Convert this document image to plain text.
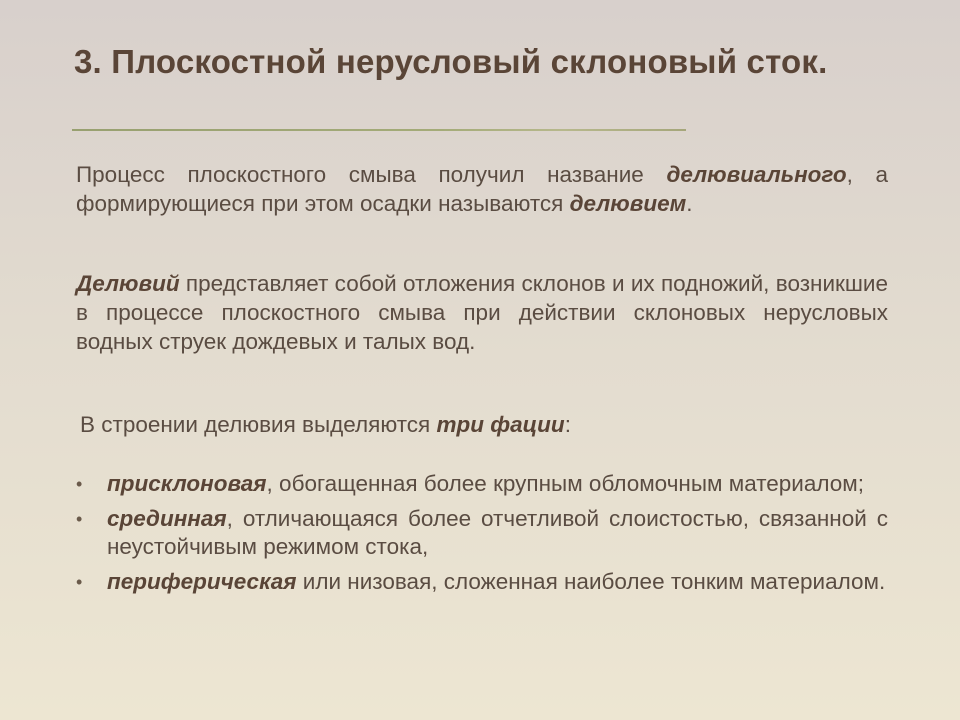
3. Плоскостной нерусловый склоновый сток.

Процесс плоскостного смыва получил название делювиального, а формирующиеся при этом осадки называются делювием.

Делювий представляет собой отложения склонов и их подножий, возникшие в процессе плоскостного смыва при действии склоновых нерусловых водных струек дождевых и талых вод.

В строении делювия выделяются три фации:

• присклоновая, обогащенная более крупным обломочным материалом;
• срединная, отличающаяся более отчетливой слоистостью, связанной с неустойчивым режимом стока,
• периферическая или низовая, сложенная наиболее тонким материалом.
